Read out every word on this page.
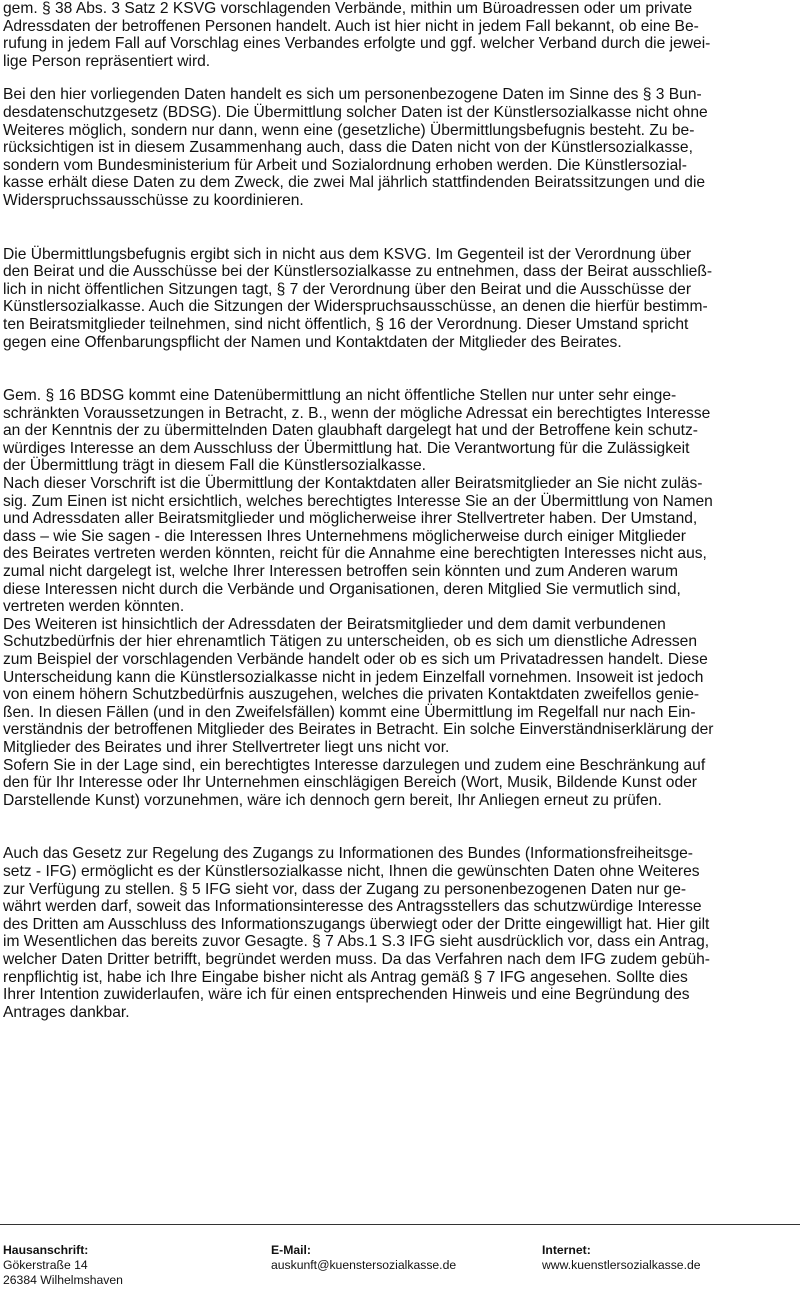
gem. § 38 Abs. 3 Satz 2 KSVG vorschlagenden Verbände, mithin um Büroadressen oder um private
Adressdaten der betroffenen Personen handelt. Auch ist hier nicht in jedem Fall bekannt, ob eine Be-
rufung in jedem Fall auf Vorschlag eines Verbandes erfolgte und ggf. welcher Verband durch die jewei-
lige Person repräsentiert wird.

Bei den hier vorliegenden Daten handelt es sich um personenbezogene Daten im Sinne des § 3 Bun-
desdatenschutzgesetz (BDSG). Die Übermittlung solcher Daten ist der Künstlersozialkasse nicht ohne
Weiteres möglich, sondern nur dann, wenn eine (gesetzliche) Übermittlungsbefugnis besteht. Zu be-
rücksichtigen ist in diesem Zusammenhang auch, dass die Daten nicht von der Künstlersozialkasse,
sondern vom Bundesministerium für Arbeit und Sozialordnung erhoben werden. Die Künstlersozial-
kasse erhält diese Daten zu dem Zweck, die zwei Mal jährlich stattfindenden Beiratssitzungen und die
Widerspruchssausschüsse zu koordinieren.

Die Übermittlungsbefugnis ergibt sich in nicht aus dem KSVG. Im Gegenteil ist der Verordnung über
den Beirat und die Ausschüsse bei der Künstlersozialkasse zu entnehmen, dass der Beirat ausschließ-
lich in nicht öffentlichen Sitzungen tagt, § 7 der Verordnung über den Beirat und die Ausschüsse der
Künstlersozialkasse. Auch die Sitzungen der Widerspruchsausschüsse, an denen die hierfür bestimm-
ten Beiratsmitglieder teilnehmen, sind nicht öffentlich, § 16 der Verordnung. Dieser Umstand spricht
gegen eine Offenbarungspflicht der Namen und Kontaktdaten der Mitglieder des Beirates.

Gem. § 16 BDSG kommt eine Datenübermittlung an nicht öffentliche Stellen nur unter sehr einge-
schränkten Voraussetzungen in Betracht, z. B., wenn der mögliche Adressat ein berechtigtes Interesse
an der Kenntnis der zu übermittelnden Daten glaubhaft dargelegt hat und der Betroffene kein schutz-
würdiges Interesse an dem Ausschluss der Übermittlung hat. Die Verantwortung für die Zulässigkeit
der Übermittlung trägt in diesem Fall die Künstlersozialkasse.
Nach dieser Vorschrift ist die Übermittlung der Kontaktdaten aller Beiratsmitglieder an Sie nicht zuläs-
sig. Zum Einen ist nicht ersichtlich, welches berechtigtes Interesse Sie an der Übermittlung von Namen
und Adressdaten aller Beiratsmitglieder und möglicherweise ihrer Stellvertreter haben. Der Umstand,
dass – wie Sie sagen - die Interessen Ihres Unternehmens möglicherweise durch einiger Mitglieder
des Beirates vertreten werden könnten, reicht für die Annahme eine berechtigten Interesses nicht aus,
zumal nicht dargelegt ist, welche Ihrer Interessen betroffen sein könnten und zum Anderen warum
diese Interessen nicht durch die Verbände und Organisationen, deren Mitglied Sie vermutlich sind,
vertreten werden könnten.
Des Weiteren ist hinsichtlich der Adressdaten der Beiratsmitglieder und dem damit verbundenen
Schutzbedürfnis der hier ehrenamtlich Tätigen zu unterscheiden, ob es sich um dienstliche Adressen
zum Beispiel der vorschlagenden Verbände handelt oder ob es sich um Privatadressen handelt. Diese
Unterscheidung kann die Künstlersozialkasse nicht in jedem Einzelfall vornehmen. Insoweit ist jedoch
von einem höhern Schutzbedürfnis auszugehen, welches die privaten Kontaktdaten zweifellos genie-
ßen. In diesen Fällen (und in den Zweifelsfällen) kommt eine Übermittlung im Regelfall nur nach Ein-
verständnis der betroffenen Mitglieder des Beirates in Betracht. Ein solche Einverständniserklärung der
Mitglieder des Beirates und ihrer Stellvertreter liegt uns nicht vor.
Sofern Sie in der Lage sind, ein berechtigtes Interesse darzulegen und zudem eine Beschränkung auf
den für Ihr Interesse oder Ihr Unternehmen einschlägigen Bereich (Wort, Musik, Bildende Kunst oder
Darstellende Kunst) vorzunehmen, wäre ich dennoch gern bereit, Ihr Anliegen erneut zu prüfen.

Auch das Gesetz zur Regelung des Zugangs zu Informationen des Bundes (Informationsfreiheitsge-
setz - IFG) ermöglicht es der Künstlersozialkasse nicht, Ihnen die gewünschten Daten ohne Weiteres
zur Verfügung zu stellen. § 5 IFG sieht vor, dass der Zugang zu personenbezogenen Daten nur ge-
währt werden darf, soweit das Informationsinteresse des Antragsstellers das schutzwürdige Interesse
des Dritten am Ausschluss des Informationszugangs überwiegt oder der Dritte eingewilligt hat. Hier gilt
im Wesentlichen das bereits zuvor Gesagte. § 7 Abs.1 S.3 IFG sieht ausdrücklich vor, dass ein Antrag,
welcher Daten Dritter betrifft, begründet werden muss. Da das Verfahren nach dem IFG zudem gebüh-
renpflichtig ist, habe ich Ihre Eingabe bisher nicht als Antrag gemäß § 7 IFG angesehen. Sollte dies
Ihrer Intention zuwiderlaufen, wäre ich für einen entsprechenden Hinweis und eine Begründung des
Antrages dankbar.

Hausanschrift:
Gökerstraße 14
26384 Wilhelmshaven
E-Mail:
auskunft@kuenstersozialkasse.de
Internet:
www.kuenstlersozialkasse.de
